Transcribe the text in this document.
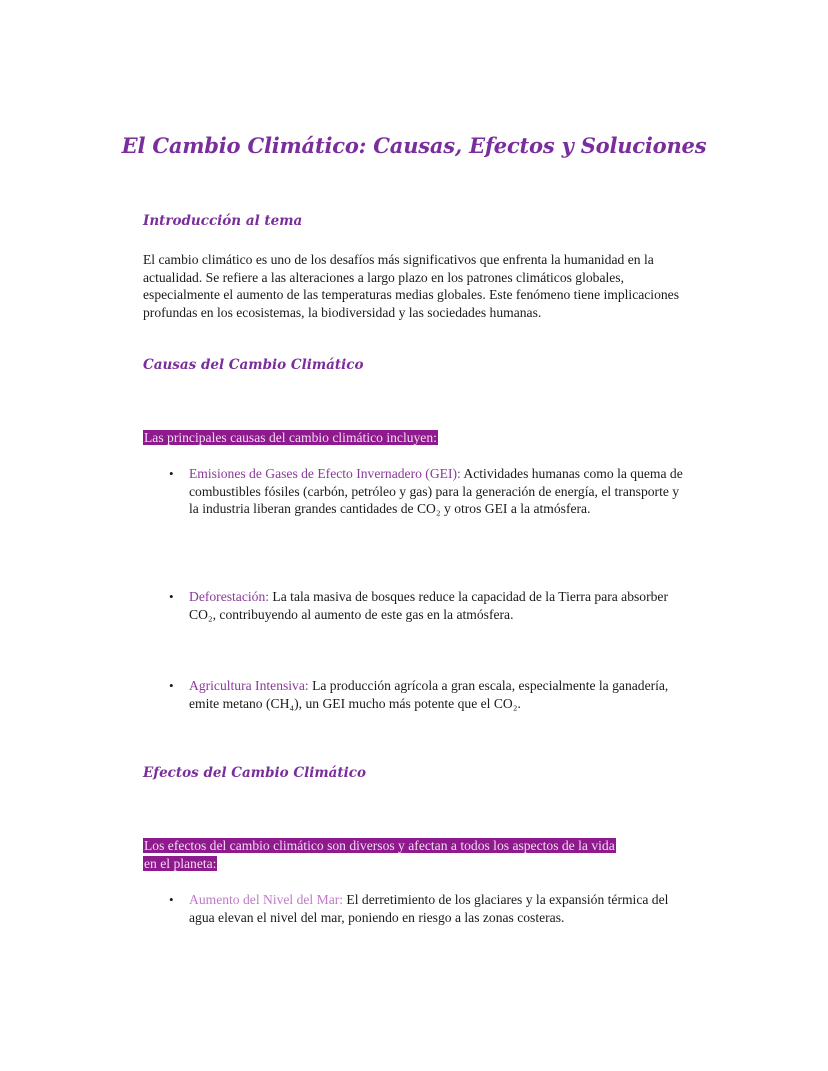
El Cambio Climático: Causas, Efectos y Soluciones
Introducción al tema
El cambio climático es uno de los desafíos más significativos que enfrenta la humanidad en la actualidad. Se refiere a las alteraciones a largo plazo en los patrones climáticos globales, especialmente el aumento de las temperaturas medias globales. Este fenómeno tiene implicaciones profundas en los ecosistemas, la biodiversidad y las sociedades humanas.
Causas del Cambio Climático
Las principales causas del cambio climático incluyen:
• Emisiones de Gases de Efecto Invernadero (GEI): Actividades humanas como la quema de combustibles fósiles (carbón, petróleo y gas) para la generación de energía, el transporte y la industria liberan grandes cantidades de CO₂ y otros GEI a la atmósfera.
• Deforestación: La tala masiva de bosques reduce la capacidad de la Tierra para absorber CO₂, contribuyendo al aumento de este gas en la atmósfera.
• Agricultura Intensiva: La producción agrícola a gran escala, especialmente la ganadería, emite metano (CH₄), un GEI mucho más potente que el CO₂.
Efectos del Cambio Climático
Los efectos del cambio climático son diversos y afectan a todos los aspectos de la vida
en el planeta:
• Aumento del Nivel del Mar: El derretimiento de los glaciares y la expansión térmica del agua elevan el nivel del mar, poniendo en riesgo a las zonas costeras.
